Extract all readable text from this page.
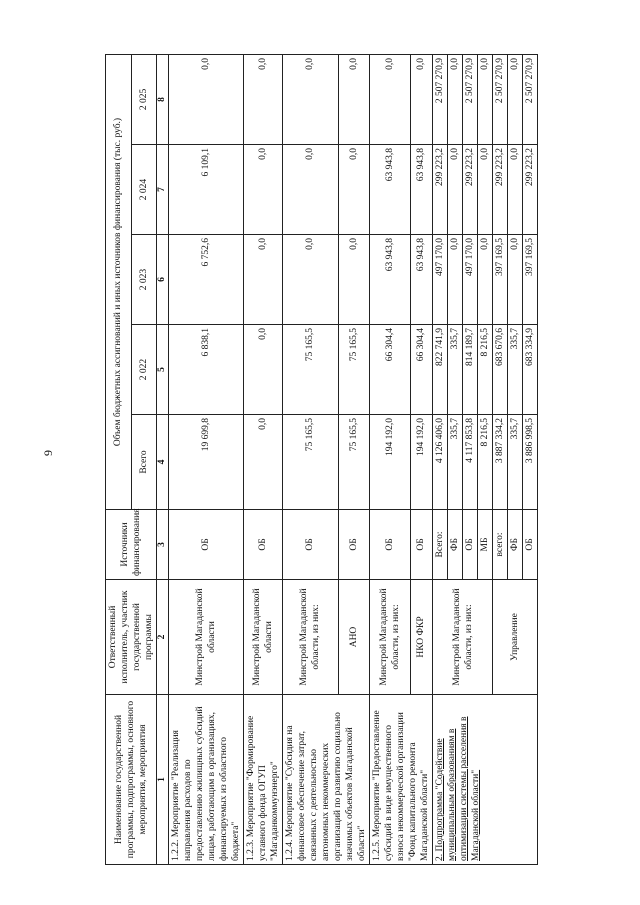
9
Наименование государственной программы, подпрограммы, основного мероприятия, мероприятия	Ответственный исполнитель, участник государственной программы	Источники финансирования	Объем бюджетных ассигнований и иных источников финансирования (тыс. руб.)				
			Всего	2 022	2 023	2 024	2 025
1	2	3	4	5	6	7	8
1.2.2. Мероприятие "Реализация направления расходов по предоставлению жилищных субсидий лицам, работающим в организациях, финансируемых из областного бюджета"	Минстрой Магаданской области	ОБ	19 699,8	6 838,1	6 752,6	6 109,1	0,0
1.2.3. Мероприятие "Формирование уставного фонда ОГУП "Магаданкоммунэнерго"	Минстрой Магаданской области	ОБ	0,0	0,0	0,0	0,0	0,0
1.2.4. Мероприятие "Субсидия на финансовое обеспечение затрат, связанных с деятельностью автономных некоммерческих организаций по развитию социально значимых объектов Магаданской области"	Минстрой Магаданской области, из них:	ОБ	75 165,5	75 165,5	0,0	0,0	0,0
	АНО	ОБ	75 165,5	75 165,5	0,0	0,0	0,0
1.2.5. Мероприятие "Предоставление субсидий в виде имущественного взноса некоммерческой организации "Фонд капитального ремонта Магаданской области"	Минстрой Магаданской области, из них:	ОБ	194 192,0	66 304,4	63 943,8	63 943,8	0,0
	НКО ФКР	ОБ	194 192,0	66 304,4	63 943,8	63 943,8	0,0
2. Подпрограмма "Содействие муниципальным образованиям в оптимизации системы расселения в Магаданской области"	Минстрой Магаданской области, из них:	Всего:	4 126 406,0	822 741,9	497 170,0	299 223,2	2 507 270,9
		ФБ	335,7	335,7	0,0	0,0	0,0
		ОБ	4 117 853,8	814 189,7	497 170,0	299 223,2	2 507 270,9
		МБ	8 216,5	8 216,5	0,0	0,0	0,0
	Управление	всего:	3 887 334,2	683 670,6	397 169,5	299 223,2	2 507 270,9
		ФБ	335,7	335,7	0,0	0,0	0,0
		ОБ	3 886 998,5	683 334,9	397 169,5	299 223,2	2 507 270,9
